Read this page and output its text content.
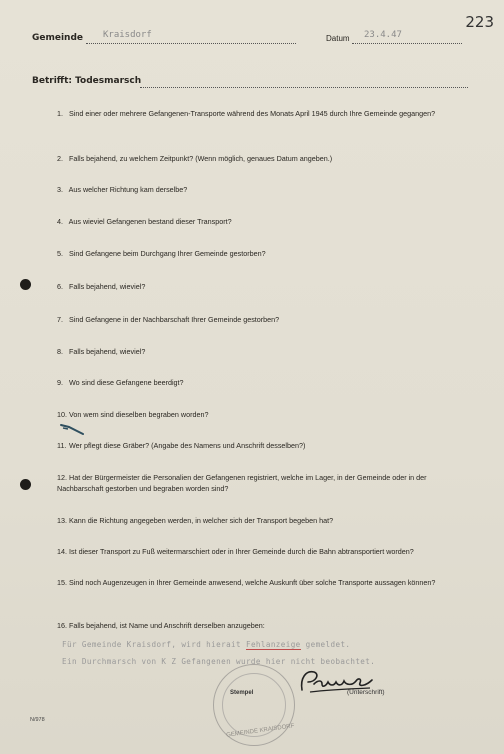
223
Gemeinde Kraisdorf	Datum 23.4.47
Betrifft: Todesmarsch
1. Sind einer oder mehrere Gefangenen-Transporte während des Monats April 1945 durch Ihre Gemeinde gegangen?
2. Falls bejahend, zu welchem Zeitpunkt? (Wenn möglich, genaues Datum angeben.)
3. Aus welcher Richtung kam derselbe?
4. Aus wieviel Gefangenen bestand dieser Transport?
5. Sind Gefangene beim Durchgang Ihrer Gemeinde gestorben?
6. Falls bejahend, wieviel?
7. Sind Gefangene in der Nachbarschaft Ihrer Gemeinde gestorben?
8. Falls bejahend, wieviel?
9. Wo sind diese Gefangene beerdigt?
10. Von wem sind dieselben begraben worden?
11. Wer pflegt diese Gräber? (Angabe des Namens und Anschrift desselben?)
12. Hat der Bürgermeister die Personalien der Gefangenen registriert, welche im Lager, in der Gemeinde oder in der Nachbarschaft gestorben und begraben worden sind?
13. Kann die Richtung angegeben werden, in welcher sich der Transport begeben hat?
14. Ist dieser Transport zu Fuß weitermarschiert oder in Ihrer Gemeinde durch die Bahn abtransportiert worden?
15. Sind noch Augenzeugen in Ihrer Gemeinde anwesend, welche Auskunft über solche Transporte aussagen können?
16. Falls bejahend, ist Name und Anschrift derselben anzugeben:
Für Gemeinde Kraisdorf, wird hierait Fehlanzeige gemeldet.
Ein Durchmarsch von K Z Gefangenen wurde hier nicht beobachtet.
Stempel
GEMEINDE KRAISDORF
(Unterschrift)
N/978
